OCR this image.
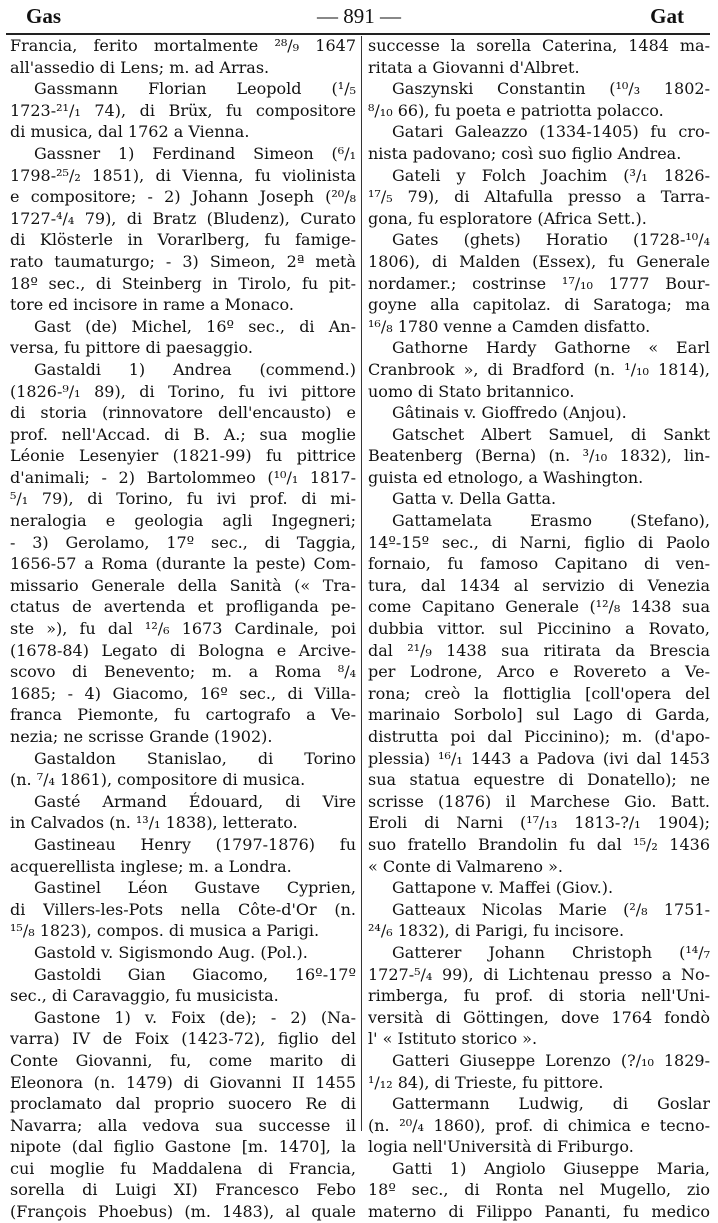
Gas	— 891 —	Gat
Francia, ferito mortalmente ²⁸/₉ 1647
all'assedio di Lens; m. ad Arras.
Gassmann Florian Leopold (¹/₅
1723-²¹/₁ 74), di Brüx, fu compositore
di musica, dal 1762 a Vienna.
Gassner 1) Ferdinand Simeon (⁶/₁
1798-²⁵/₂ 1851), di Vienna, fu violinista
e compositore; - 2) Johann Joseph (²⁰/₈
1727-⁴/₄ 79), di Bratz (Bludenz), Curato
di Klösterle in Vorarlberg, fu famige-
rato taumaturgo; - 3) Simeon, 2ª metà
18º sec., di Steinberg in Tirolo, fu pit-
tore ed incisore in rame a Monaco.
Gast (de) Michel, 16º sec., di An-
versa, fu pittore di paesaggio.
Gastaldi 1) Andrea (commend.)
(1826-⁹/₁ 89), di Torino, fu ivi pittore
di storia (rinnovatore dell'encausto) e
prof. nell'Accad. di B. A.; sua moglie
Léonie Lesenyier (1821-99) fu pittrice
d'animali; - 2) Bartolommeo (¹⁰/₁ 1817-
⁵/₁ 79), di Torino, fu ivi prof. di mi-
neralogia e geologia agli Ingegneri;
- 3) Gerolamo, 17º sec., di Taggia,
1656-57 a Roma (durante la peste) Com-
missario Generale della Sanità (« Tra-
ctatus de avertenda et profliganda pe-
ste »), fu dal ¹²/₆ 1673 Cardinale, poi
(1678-84) Legato di Bologna e Arcive-
scovo di Benevento; m. a Roma ⁸/₄
1685; - 4) Giacomo, 16º sec., di Villa-
franca Piemonte, fu cartografo a Ve-
nezia; ne scrisse Grande (1902).
Gastaldon Stanislao, di Torino
(n. ⁷/₄ 1861), compositore di musica.
Gasté Armand Édouard, di Vire
in Calvados (n. ¹³/₁ 1838), letterato.
Gastineau Henry (1797-1876) fu
acquerellista inglese; m. a Londra.
Gastinel Léon Gustave Cyprien,
di Villers-les-Pots nella Côte-d'Or (n.
¹⁵/₈ 1823), compos. di musica a Parigi.
Gastold v. Sigismondo Aug. (Pol.).
Gastoldi Gian Giacomo, 16º-17º
sec., di Caravaggio, fu musicista.
Gastone 1) v. Foix (de); - 2) (Na-
varra) IV de Foix (1423-72), figlio del
Conte Giovanni, fu, come marito di
Eleonora (n. 1479) di Giovanni II 1455
proclamato dal proprio suocero Re di
Navarra; alla vedova sua successe il
nipote (dal figlio Gastone [m. 1470], la
cui moglie fu Maddalena di Francia,
sorella di Luigi XI) Francesco Febo
(François Phoebus) (m. 1483), al quale
successe la sorella Caterina, 1484 ma-
ritata a Giovanni d'Albret.
Gaszynski Constantin (¹⁰/₃ 1802-
⁸/₁₀ 66), fu poeta e patriotta polacco.
Gatari Galeazzo (1334-1405) fu cro-
nista padovano; così suo figlio Andrea.
Gateli y Folch Joachim (³/₁ 1826-
¹⁷/₅ 79), di Altafulla presso a Tarra-
gona, fu esploratore (Africa Sett.).
Gates (ghets) Horatio (1728-¹⁰/₄
1806), di Malden (Essex), fu Generale
nordamer.; costrinse ¹⁷/₁₀ 1777 Bour-
goyne alla capitolaz. di Saratoga; ma
¹⁶/₈ 1780 venne a Camden disfatto.
Gathorne Hardy Gathorne « Earl
Cranbrook », di Bradford (n. ¹/₁₀ 1814),
uomo di Stato britannico.
Gâtinais v. Gioffredo (Anjou).
Gatschet Albert Samuel, di Sankt
Beatenberg (Berna) (n. ³/₁₀ 1832), lin-
guista ed etnologo, a Washington.
Gatta v. Della Gatta.
Gattamelata Erasmo (Stefano),
14º-15º sec., di Narni, figlio di Paolo
fornaio, fu famoso Capitano di ven-
tura, dal 1434 al servizio di Venezia
come Capitano Generale (¹²/₈ 1438 sua
dubbia vittor. sul Piccinino a Rovato,
dal ²¹/₉ 1438 sua ritirata da Brescia
per Lodrone, Arco e Rovereto a Ve-
rona; creò la flottiglia [coll'opera del
marinaio Sorbolo] sul Lago di Garda,
distrutta poi dal Piccinino); m. (d'apo-
plessia) ¹⁶/₁ 1443 a Padova (ivi dal 1453
sua statua equestre di Donatello); ne
scrisse (1876) il Marchese Gio. Batt.
Eroli di Narni (¹⁷/₁₃ 1813-?/₁ 1904);
suo fratello Brandolin fu dal ¹⁵/₂ 1436
« Conte di Valmareno ».
Gattapone v. Maffei (Giov.).
Gatteaux Nicolas Marie (²/₈ 1751-
²⁴/₆ 1832), di Parigi, fu incisore.
Gatterer Johann Christoph (¹⁴/₇
1727-⁵/₄ 99), di Lichtenau presso a No-
rimberga, fu prof. di storia nell'Uni-
versità di Göttingen, dove 1764 fondò
l' « Istituto storico ».
Gatteri Giuseppe Lorenzo (?/₁₀ 1829-
¹/₁₂ 84), di Trieste, fu pittore.
Gattermann Ludwig, di Goslar
(n. ²⁰/₄ 1860), prof. di chimica e tecno-
logia nell'Università di Friburgo.
Gatti 1) Angiolo Giuseppe Maria,
18º sec., di Ronta nel Mugello, zio
materno di Filippo Pananti, fu medico
